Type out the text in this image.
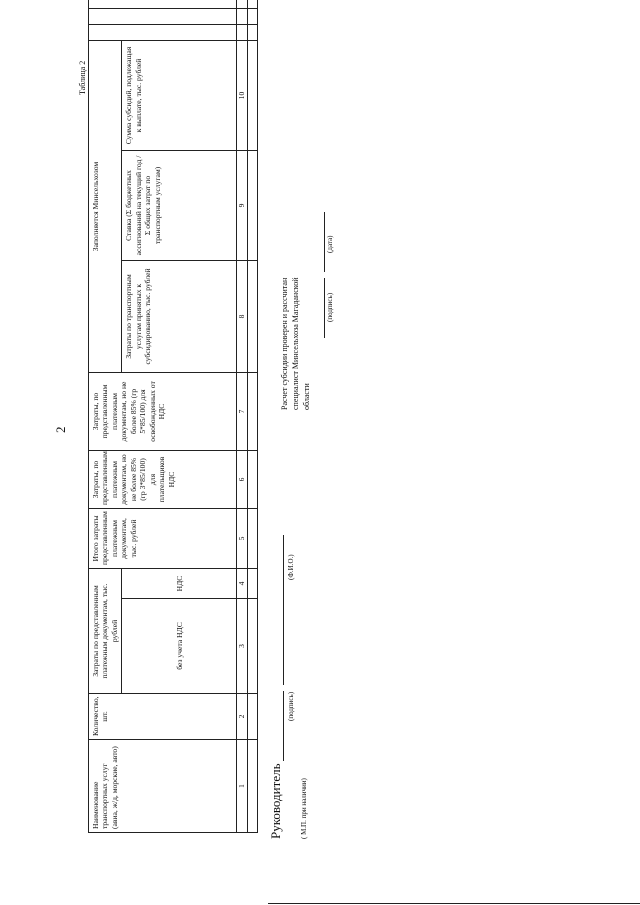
2
Таблица 2
Наименование транспортных услуг (авиа, ж/д, морские, авто)	Количество, шт.	Затраты по представленным платежным документам, тыс. рублей		Итого затраты представленным платежным документам, тыс. рублей	Затраты, по представленным платежным документам, но не более 85% (гр 3*85/100) для плательщиков НДС	Затраты, по представленным платежным документам, но не более 85% (гр 5*85/100) для освобожденных от НДС	Заполняется Минсельхозом					
		без учета НДС	НДС				Затраты по транспортным услугам принятых к субсидированию, тыс. рублей	Ставка (Σ бюджетных ассигнований на текущий год / Σ общих затрат по транспортным услугам)	Сумма субсидий, подлежащая к выплате, тыс. рублей			

1	2	3	4	5	6	7	8	9	10			

Руководитель
(подпись) (Ф.И.О.)
( М.П. при наличии)
Расчет субсидии проверен и рассчитан специалист Минсельхоза Магаданской области

(подпись) (дата)
